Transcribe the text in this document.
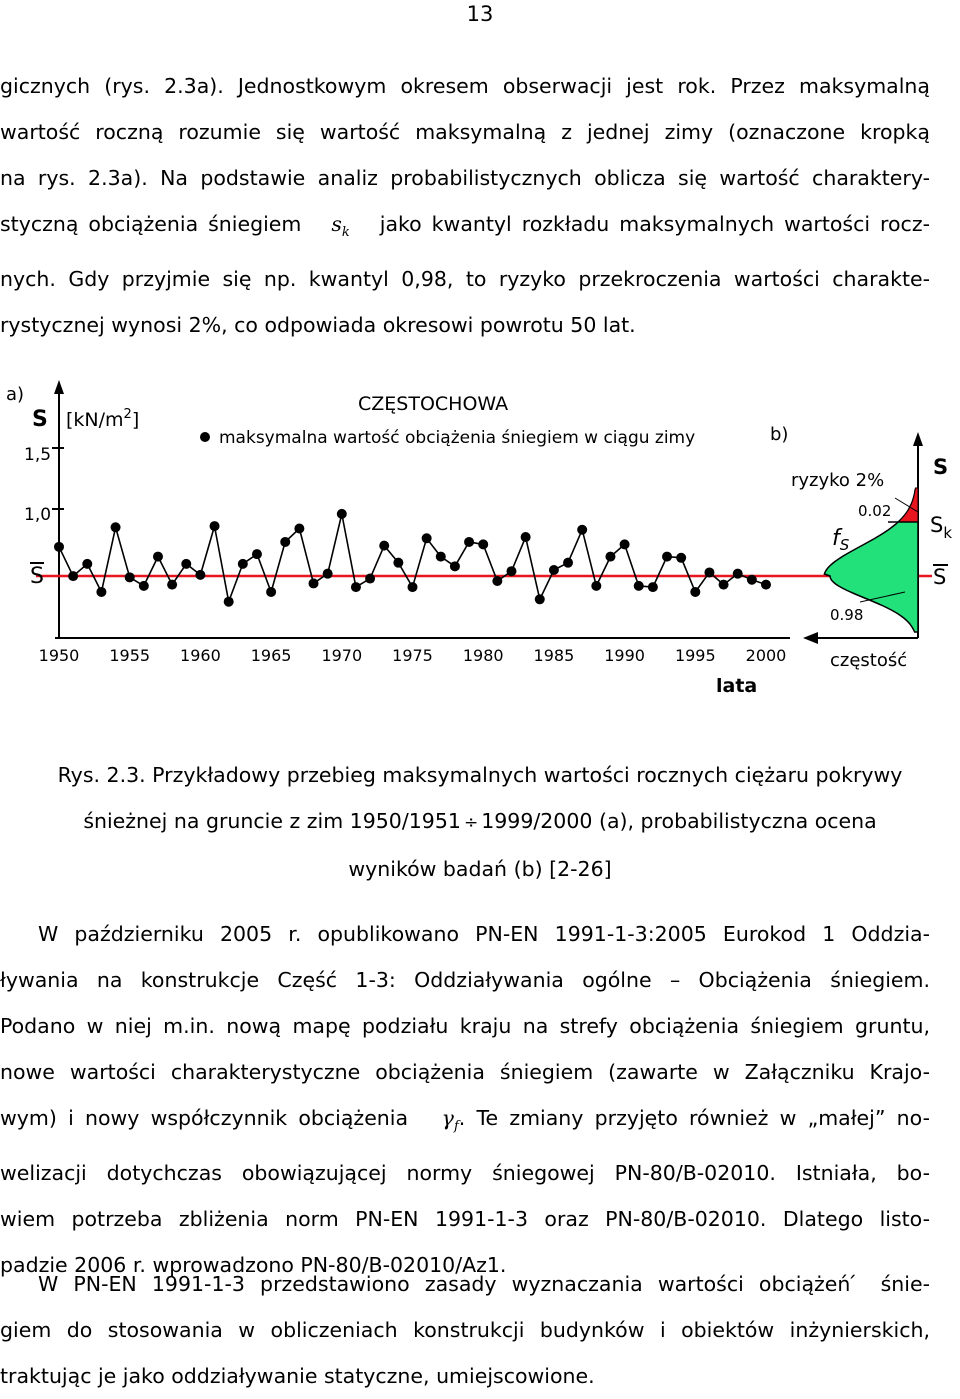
13
gicznych (rys. 2.3a). Jednostkowym okresem obserwacji jest rok. Przez maksymalną
wartość roczną rozumie się wartość maksymalną z jednej zimy (oznaczone kropką
na rys. 2.3a). Na podstawie analiz probabilistycznych oblicza się wartość charaktery-
styczną obciążenia śniegiem $s_k$ jako kwantyl rozkładu maksymalnych wartości rocz-
nych. Gdy przyjmie się np. kwantyl 0,98, to ryzyko przekroczenia wartości charakte-
rystycznej wynosi 2%, co odpowiada okresowi powrotu 50 lat.
1950 1955 1960 1965 1970 1975 1980 1985 1990 1995 2000
a)
S $[kN/m^2]$
CZĘSTOCHOWA
maksymalna wartość obciążenia śniegiem w ciągu zimy
1,5
1,0
S
lata
b)
ryzyko 2%
0.02
0.98
$f_S$
S
$S_k$
S
częstość
Rys. 2.3. Przykładowy przebieg maksymalnych wartości rocznych ciężaru pokrywy
śnieżnej na gruncie z zim 1950/1951 ÷ 1999/2000 (a), probabilistyczna ocena
wyników badań (b) [2-26]
W październiku 2005 r. opublikowano PN-EN 1991-1-3:2005 Eurokod 1 Oddzia-
ływania na konstrukcje Część 1-3: Oddziaływania ogólne – Obciążenia śniegiem.
Podano w niej m.in. nową mapę podziału kraju na strefy obciążenia śniegiem gruntu,
nowe wartości charakterystyczne obciążenia śniegiem (zawarte w Załączniku Krajo-
wym) i nowy współczynnik obciążenia $\gamma_f$. Te zmiany przyjęto również w „małej” no-
welizacji dotychczas obowiązującej normy śniegowej PN-80/B-02010. Istniała, bo-
wiem potrzeba zbliżenia norm PN-EN 1991-1-3 oraz PN-80/B-02010. Dlatego listo-
padzie 2006 r. wprowadzono PN-80/B-02010/Az1.
W PN-EN 1991-1-3 przedstawiono zasady wyznaczania wartości obciążeń ́ śnie-
giem do stosowania w obliczeniach konstrukcji budynków i obiektów inżynierskich,
traktując je jako oddziaływanie statyczne, umiejscowione.
